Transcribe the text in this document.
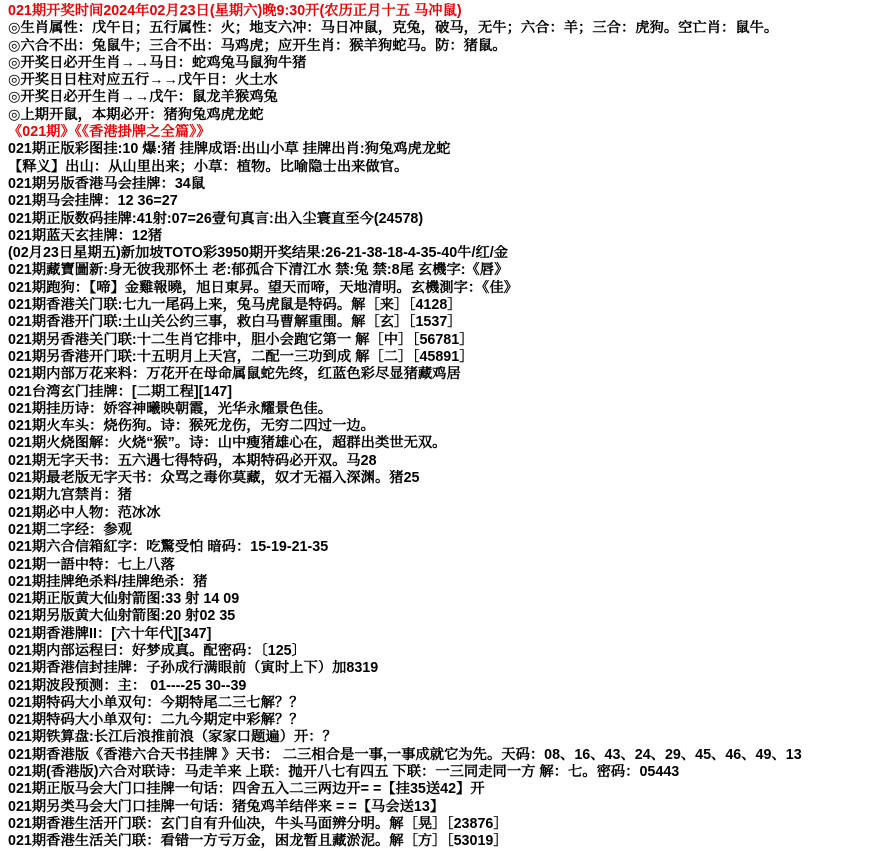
021期开奖时间2024年02月23日(星期六)晚9:30开(农历正月十五 马冲鼠)
◎生肖属性：戊午日；五行属性：火；地支六冲：马日冲鼠，克兔，破马，无牛；六合：羊；三合：虎狗。空亡肖：鼠牛。
◎六合不出：兔鼠牛；三合不出：马鸡虎；应开生肖：猴羊狗蛇马。防：猪鼠。
◎开奖日必开生肖→→马日：蛇鸡兔马鼠狗牛猪
◎开奖日日柱对应五行→→戊午日：火土水
◎开奖日必开生肖→→戊午：鼠龙羊猴鸡兔
◎上期开鼠，本期必开：猪狗兔鸡虎龙蛇
《021期》《《香港掛牌之全篇》》
021期正版彩图挂:10 爆:猪 挂牌成语:出山小草 挂牌出肖:狗兔鸡虎龙蛇
【释义】出山：从山里出来；小草：植物。比喻隐士出来做官。
021期另版香港马会挂牌：34鼠
021期马会挂牌：12 36=27
021期正版数码挂牌:41射:07=26壹句真言:出入尘寰直至今(24578)
021期蓝天玄挂牌：12猪
(02月23日星期五)新加坡TOTO彩3950期开奖结果:26-21-38-18-4-35-40牛/红/金
021期藏寶圖新:身无彼我那怀土 老:郁孤合下清江水 禁:兔 禁:8尾 玄機字:《唇》
021期跑狗：【啼】金雞報曉，旭日東昇。望天而啼，天地清明。玄機測字：《佳》
021期香港关门联:七九一尾码上来，兔马虎鼠是特码。解［来］［4128］
021期香港开门联:土山关公约三事，救白马曹解重围。解［玄］［1537］
021期另香港关门联:十二生肖它排中，胆小会跑它第一 解［中］［56781］
021期另香港开门联:十五明月上天宫，二配一三功到成 解［二］［45891］
021期内部万花来料：万花开在母命属鼠蛇先终，红蓝色彩尽显猪藏鸡居
021台湾玄门挂牌：[二期工程][147]
021期挂历诗：娇容神曦映朝霞，光华永耀景色佳。
021期火车头：烧伤狗。诗：猴死龙伤，无穷二四过一边。
021期火烧图解：火烧“猴”。诗：山中瘦猪雄心在，超群出类世无双。
021期无字天书：五六遇七得特码，本期特码必开双。马28
021期最老版无字天书：众骂之毒你莫藏，奴才无福入深渊。猪25
021期九宫禁肖：猪
021期必中人物：范冰冰
021期二字经：参观
021期六合信箱紅字：吃驚受怕 暗码：15-19-21-35
021期一語中特：七上八落
021期挂牌绝杀料/挂牌绝杀：猪
021期正版黄大仙射箭图:33 射 14 09
021期另版黄大仙射箭图:20 射02 35
021期香港牌II：[六十年代][347]
021期内部运程曰：好梦成真。配密码：〔125〕
021期香港信封挂牌：子孙成行满眼前（寅时上下）加8319
021期波段预测：主： 01----25 30--39
021期特码大小单双句：今期特尾二三七解？？
021期特码大小单双句：二九今期定中彩解？？
021期铁算盘:长江后浪推前浪（家家口题遍）开：？
021期香港版《香港六合天书挂牌 》天书： 二三相合是一事,一事成就它为先。天码：08、16、43、24、29、45、46、49、13
021期(香港版)六合对联诗：马走羊来 上联：抛开八七有四五 下联：一三同走同一方 解：七。密码：05443
021期正版马会大门口挂牌一句话：四舍五入二三两边开= =【挂35送42】开
021期另类马会大门口挂牌一句话：猪兔鸡羊结伴来 = =【马会送13】
021期香港生活开门联：玄门自有升仙决，牛头马面辨分明。解［晃］［23876］
021期香港生活关门联：看错一方亏万金，困龙暂且藏淤泥。解［方］［53019］
